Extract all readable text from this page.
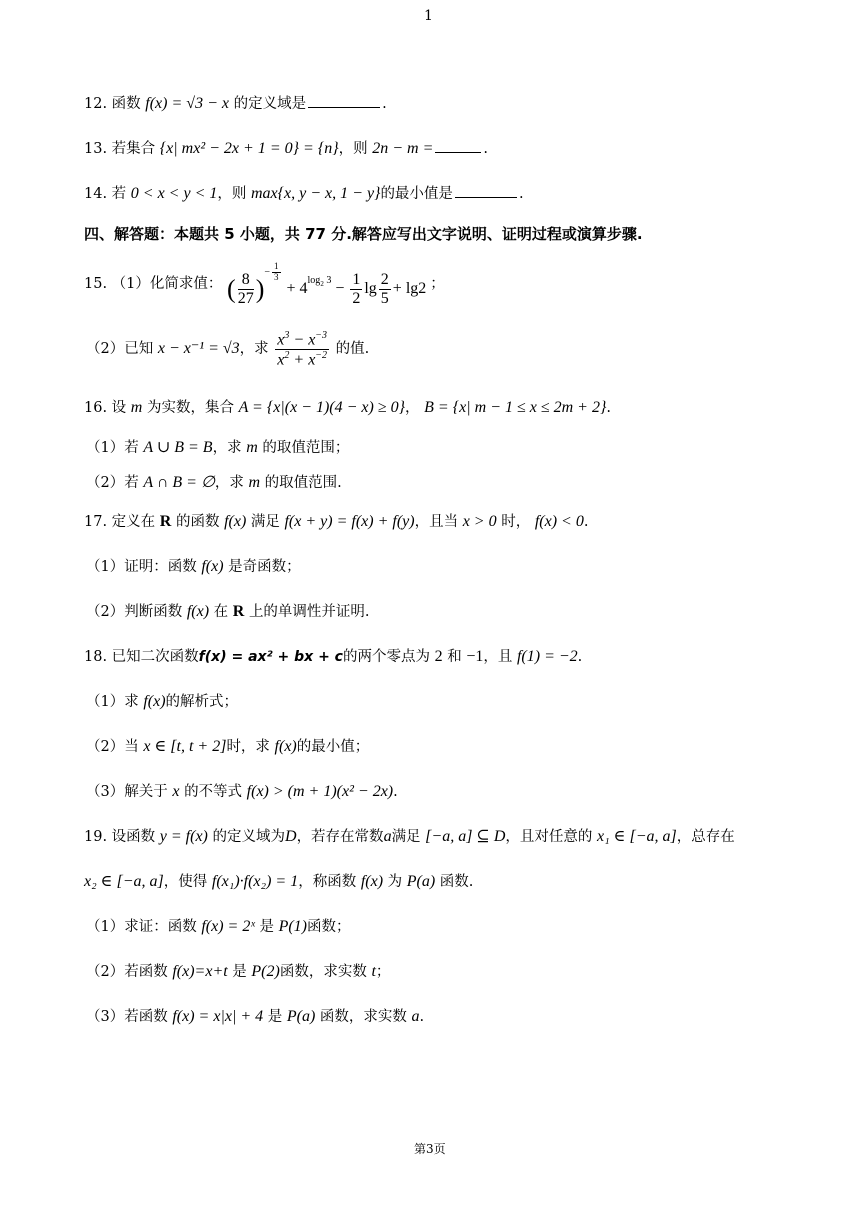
1
12. 函数 f(x) = √3 − x 的定义域是	.
13. 若集合 {x| mx² − 2x + 1 = 0} = {n}，则 2n − m =	.
14. 若 0 < x < y < 1，则 max{x, y − x, 1 − y}的最小值是	.
四、解答题：本题共 5 小题，共 77 分.解答应写出文字说明、证明过程或演算步骤.
15. （1）化简求值： ( $\frac{8}{27} )^{- \frac{1}{3}}$
+ $4^{log_2 3} - \frac{1}{2}$ $\lg \frac{2}{5} + \lg 2$ ；
（2）已知 x − x⁻¹ = √3，求 $\frac{x^3 - x^{-3}}{x^2 + x^{-2}}$ 的值.
16. 设 m 为实数，集合 A = {x|(x − 1)(4 − x) ≥ 0}， B = {x| m − 1 ≤ x ≤ 2m + 2}.
（1）若 A ∪ B = B，求 m 的取值范围；
（2）若 A ∩ B = ∅，求 m 的取值范围.
17. 定义在 R 的函数 f(x) 满足 f(x + y) = f(x) + f(y)，且当 x > 0 时， f(x) < 0.
（1）证明：函数 f(x) 是奇函数；
（2）判断函数 f(x) 在 R 上的单调性并证明.
18. 已知二次函数f(x) = ax² + bx + c的两个零点为 2 和 −1，且 f(1) = −2.
（1）求 f(x)的解析式；
（2）当 x ∈ [t, t + 2]时，求 f(x)的最小值；
（3）解关于 x 的不等式 f(x) > (m + 1)(x² − 2x).
19. 设函数 y = f(x) 的定义域为D，若存在常数a满足 [−a, a] ⊆ D，且对任意的 x₁ ∈ [−a, a]，总存在
x₂ ∈ [−a, a]，使得 f(x₁)·f(x₂) = 1，称函数 f(x) 为 P(a) 函数.
（1）求证：函数 f(x) = 2ˣ 是 P(1)函数；
（2）若函数 f(x)=x+t 是 P(2)函数，求实数 t；
（3）若函数 f(x) = x|x| + 4 是 P(a) 函数，求实数 a.
第3页
